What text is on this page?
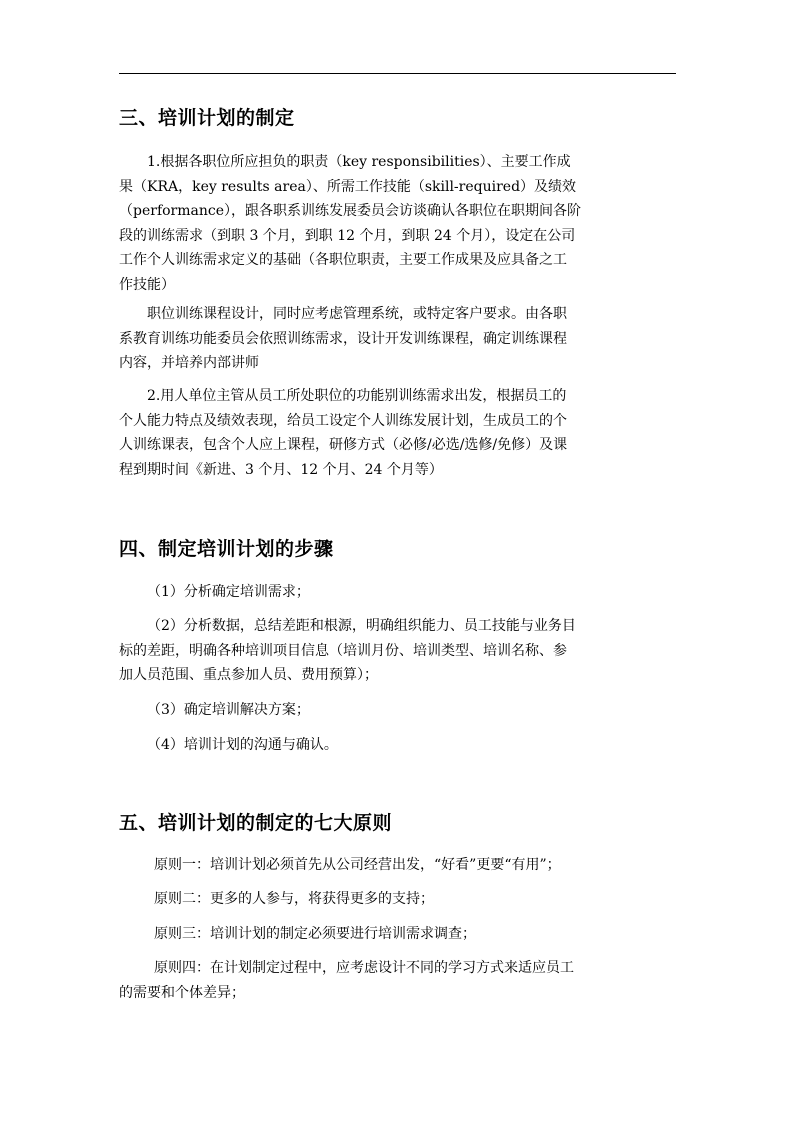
三、培训计划的制定
1.根据各职位所应担负的职责（key responsibilities）、主要工作成
果（KRA，key results area）、所需工作技能（skill-required）及绩效
（performance），跟各职系训练发展委员会访谈确认各职位在职期间各阶
段的训练需求（到职 3 个月，到职 12 个月，到职 24 个月），设定在公司
工作个人训练需求定义的基础（各职位职责，主要工作成果及应具备之工
作技能）
职位训练课程设计，同时应考虑管理系统，或特定客户要求。由各职
系教育训练功能委员会依照训练需求，设计开发训练课程，确定训练课程
内容，并培养内部讲师
2.用人单位主管从员工所处职位的功能别训练需求出发，根据员工的
个人能力特点及绩效表现，给员工设定个人训练发展计划，生成员工的个
人训练课表，包含个人应上课程，研修方式（必修/必选/选修/免修）及课
程到期时间《新进、3 个月、12 个月、24 个月等）
四、制定培训计划的步骤
（1）分析确定培训需求；
（2）分析数据，总结差距和根源，明确组织能力、员工技能与业务目
标的差距，明确各种培训项目信息（培训月份、培训类型、培训名称、参
加人员范围、重点参加人员、费用预算）；
（3）确定培训解决方案；
（4）培训计划的沟通与确认。
五、培训计划的制定的七大原则
原则一：培训计划必须首先从公司经营出发，“好看”更要“有用”；
原则二：更多的人参与，将获得更多的支持；
原则三：培训计划的制定必须要进行培训需求调查；
原则四：在计划制定过程中，应考虑设计不同的学习方式来适应员工
的需要和个体差异；
